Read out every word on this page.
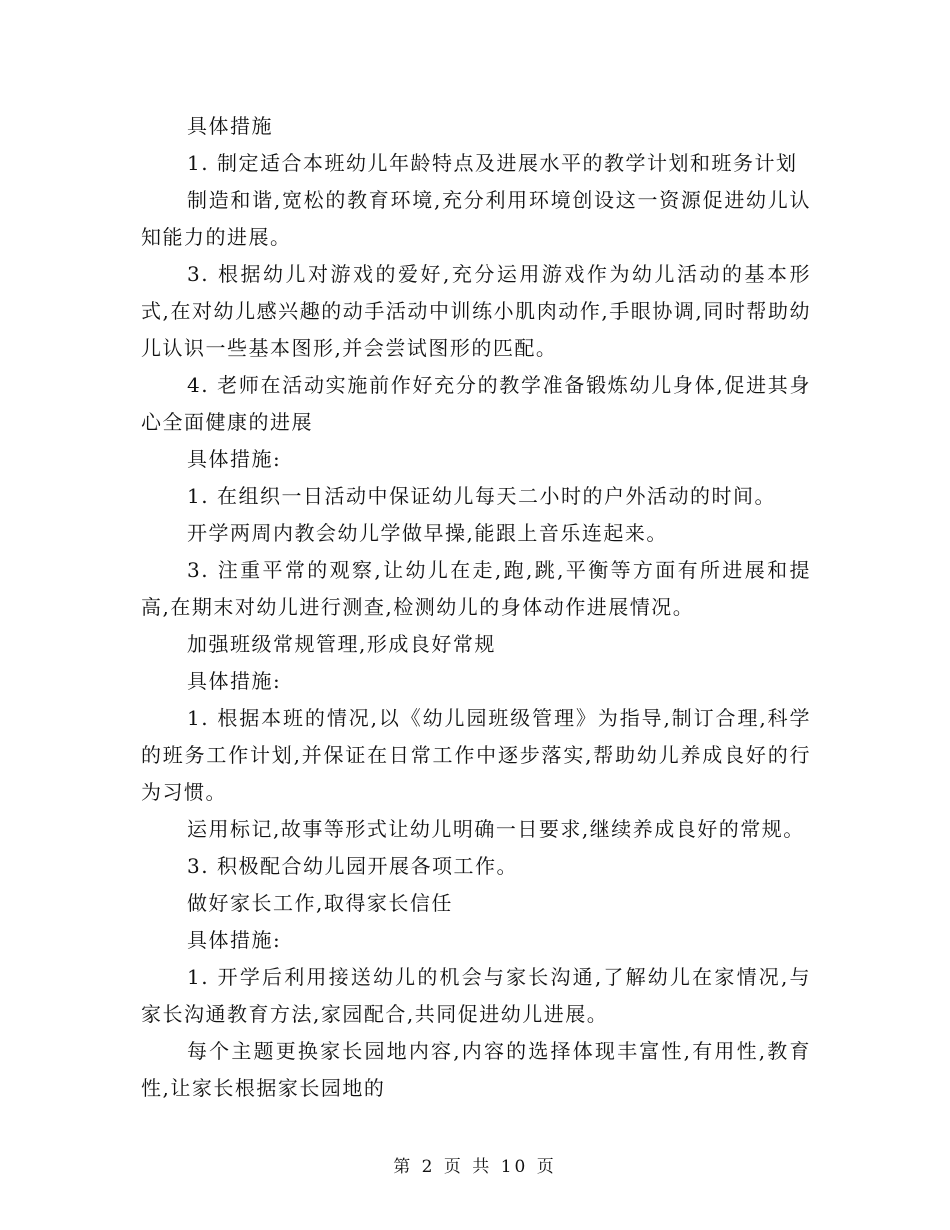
具体措施

1. 制定适合本班幼儿年龄特点及进展水平的教学计划和班务计划

制造和谐,宽松的教育环境,充分利用环境创设这一资源促进幼儿认知能力的进展。

3. 根据幼儿对游戏的爱好,充分运用游戏作为幼儿活动的基本形式,在对幼儿感兴趣的动手活动中训练小肌肉动作,手眼协调,同时帮助幼儿认识一些基本图形,并会尝试图形的匹配。

4. 老师在活动实施前作好充分的教学准备锻炼幼儿身体,促进其身心全面健康的进展

具体措施:

1. 在组织一日活动中保证幼儿每天二小时的户外活动的时间。

开学两周内教会幼儿学做早操,能跟上音乐连起来。

3. 注重平常的观察,让幼儿在走,跑,跳,平衡等方面有所进展和提高,在期末对幼儿进行测查,检测幼儿的身体动作进展情况。

加强班级常规管理,形成良好常规

具体措施:

1. 根据本班的情况,以《幼儿园班级管理》为指导,制订合理,科学的班务工作计划,并保证在日常工作中逐步落实,帮助幼儿养成良好的行为习惯。

运用标记,故事等形式让幼儿明确一日要求,继续养成良好的常规。

3. 积极配合幼儿园开展各项工作。

做好家长工作,取得家长信任

具体措施:

1. 开学后利用接送幼儿的机会与家长沟通,了解幼儿在家情况,与家长沟通教育方法,家园配合,共同促进幼儿进展。

每个主题更换家长园地内容,内容的选择体现丰富性,有用性,教育性,让家长根据家长园地的

第 2 页 共 10 页
